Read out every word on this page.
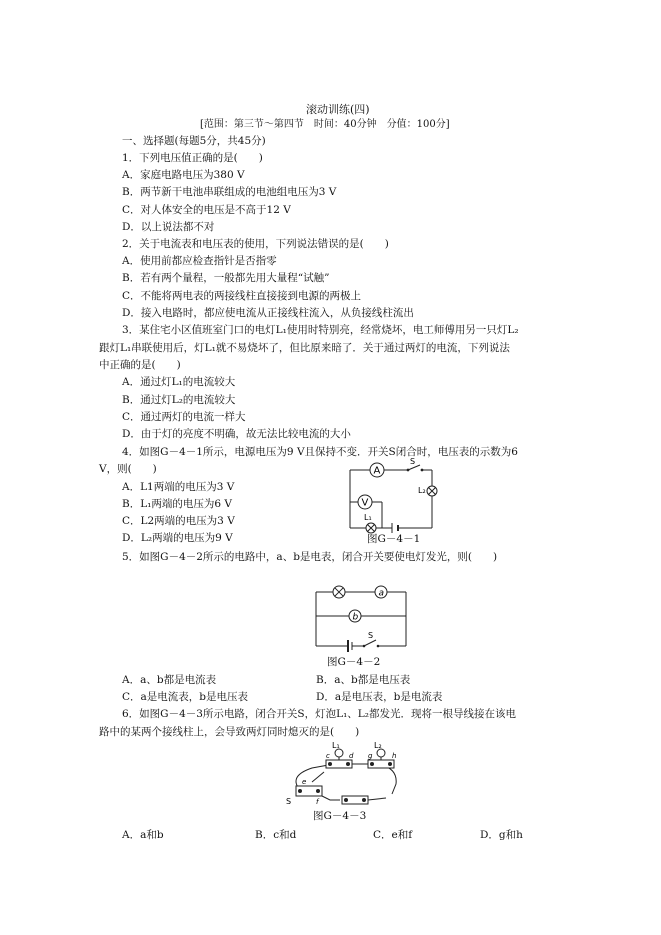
滚动训练(四)
[范围：第三节～第四节　时间：40分钟　分值：100分]
一、选择题(每题5分，共45分)
1．下列电压值正确的是(　　)
A．家庭电路电压为380 V
B．两节新干电池串联组成的电池组电压为3 V
C．对人体安全的电压是不高于12 V
D．以上说法都不对
2．关于电流表和电压表的使用，下列说法错误的是(　　)
A．使用前都应检查指针是否指零
B．若有两个量程，一般都先用大量程“试触”
C．不能将两电表的两接线柱直接接到电源的两极上
D．接入电路时，都应使电流从正接线柱流入，从负接线柱流出
3．某住宅小区值班室门口的电灯L₁使用时特别亮，经常烧坏，电工师傅用另一只灯L₂
跟灯L₁串联使用后，灯L₁就不易烧坏了，但比原来暗了．关于通过两灯的电流，下列说法
中正确的是(　　)
A．通过灯L₁的电流较大
B．通过灯L₂的电流较大
C．通过两灯的电流一样大
D．由于灯的亮度不明确，故无法比较电流的大小
4．如图G－4－1所示，电源电压为9 V且保持不变．开关S闭合时，电压表的示数为6
V，则(　　)
A．L1两端的电压为3 V
B．L₁两端的电压为6 V
C．L2两端的电压为3 V
D．L₂两端的电压为9 V
A
V
S
L₁
L₂
图G－4－1
5．如图G－4－2所示的电路中，a、b是电表，闭合开关要使电灯发光，则(　　)
a
b
S
图G－4－2
A．a、b都是电流表	B．a、b都是电压表
C．a是电流表，b是电压表	D．a是电压表，b是电流表
6．如图G－4－3所示电路，闭合开关S，灯泡L₁、L₂都发光．现将一根导线接在该电
路中的某两个接线柱上，会导致两灯同时熄灭的是(　　)
L₁	L₂
S
c	d
e
f
g	h
图G－4－3
A．a和b	B．c和d	C．e和f	D．g和h
